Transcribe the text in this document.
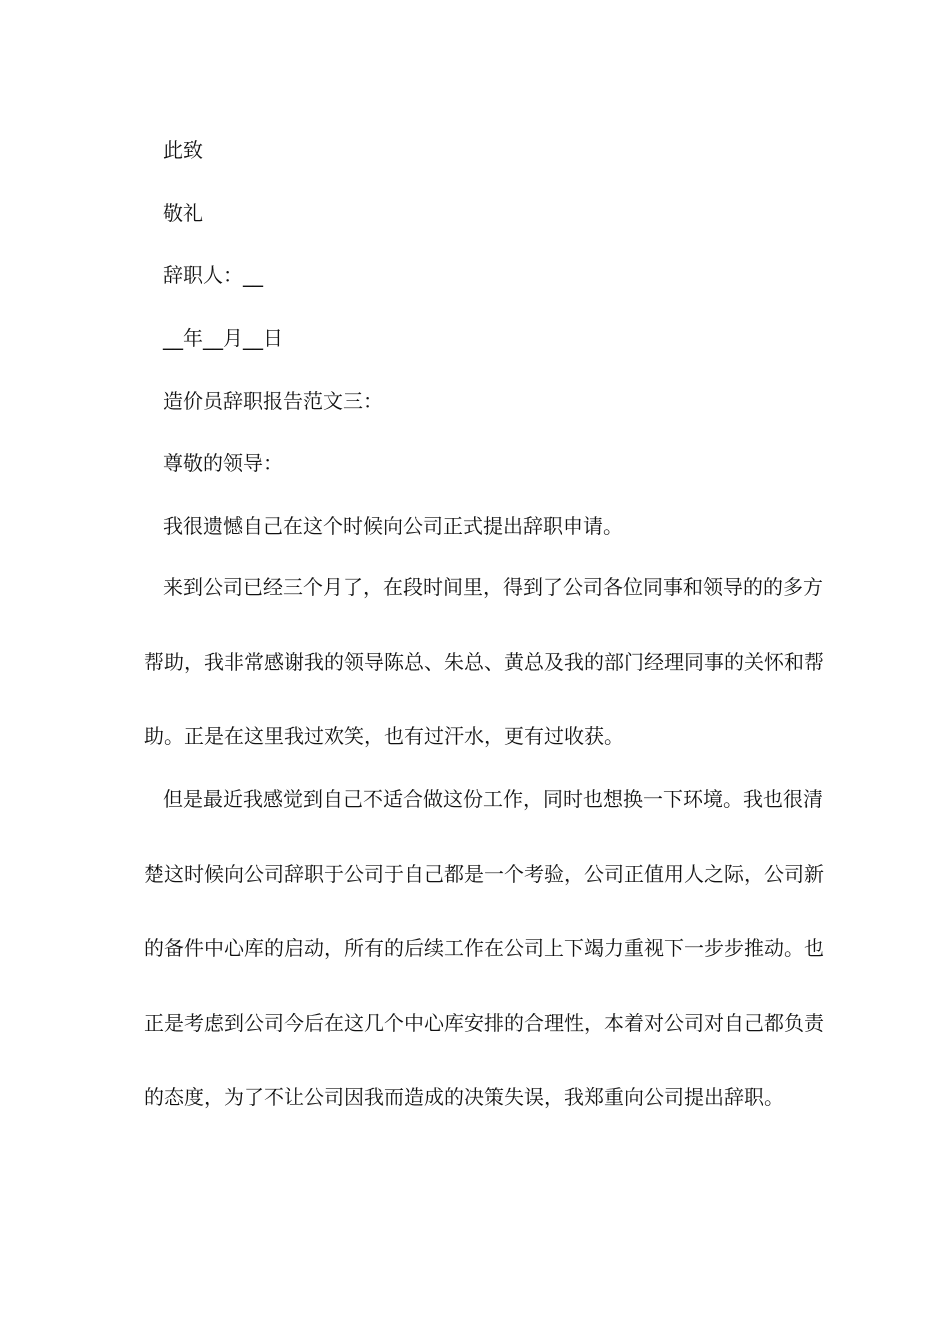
此致
敬礼
辞职人：__
__年__月__日
造价员辞职报告范文三：
尊敬的领导：
我很遗憾自己在这个时候向公司正式提出辞职申请。
来到公司已经三个月了，在段时间里，得到了公司各位同事和领导的的多方
帮助，我非常感谢我的领导陈总、朱总、黄总及我的部门经理同事的关怀和帮
助。正是在这里我过欢笑，也有过汗水，更有过收获。
但是最近我感觉到自己不适合做这份工作，同时也想换一下环境。我也很清
楚这时候向公司辞职于公司于自己都是一个考验，公司正值用人之际，公司新
的备件中心库的启动，所有的后续工作在公司上下竭力重视下一步步推动。也
正是考虑到公司今后在这几个中心库安排的合理性，本着对公司对自己都负责
的态度，为了不让公司因我而造成的决策失误，我郑重向公司提出辞职。
